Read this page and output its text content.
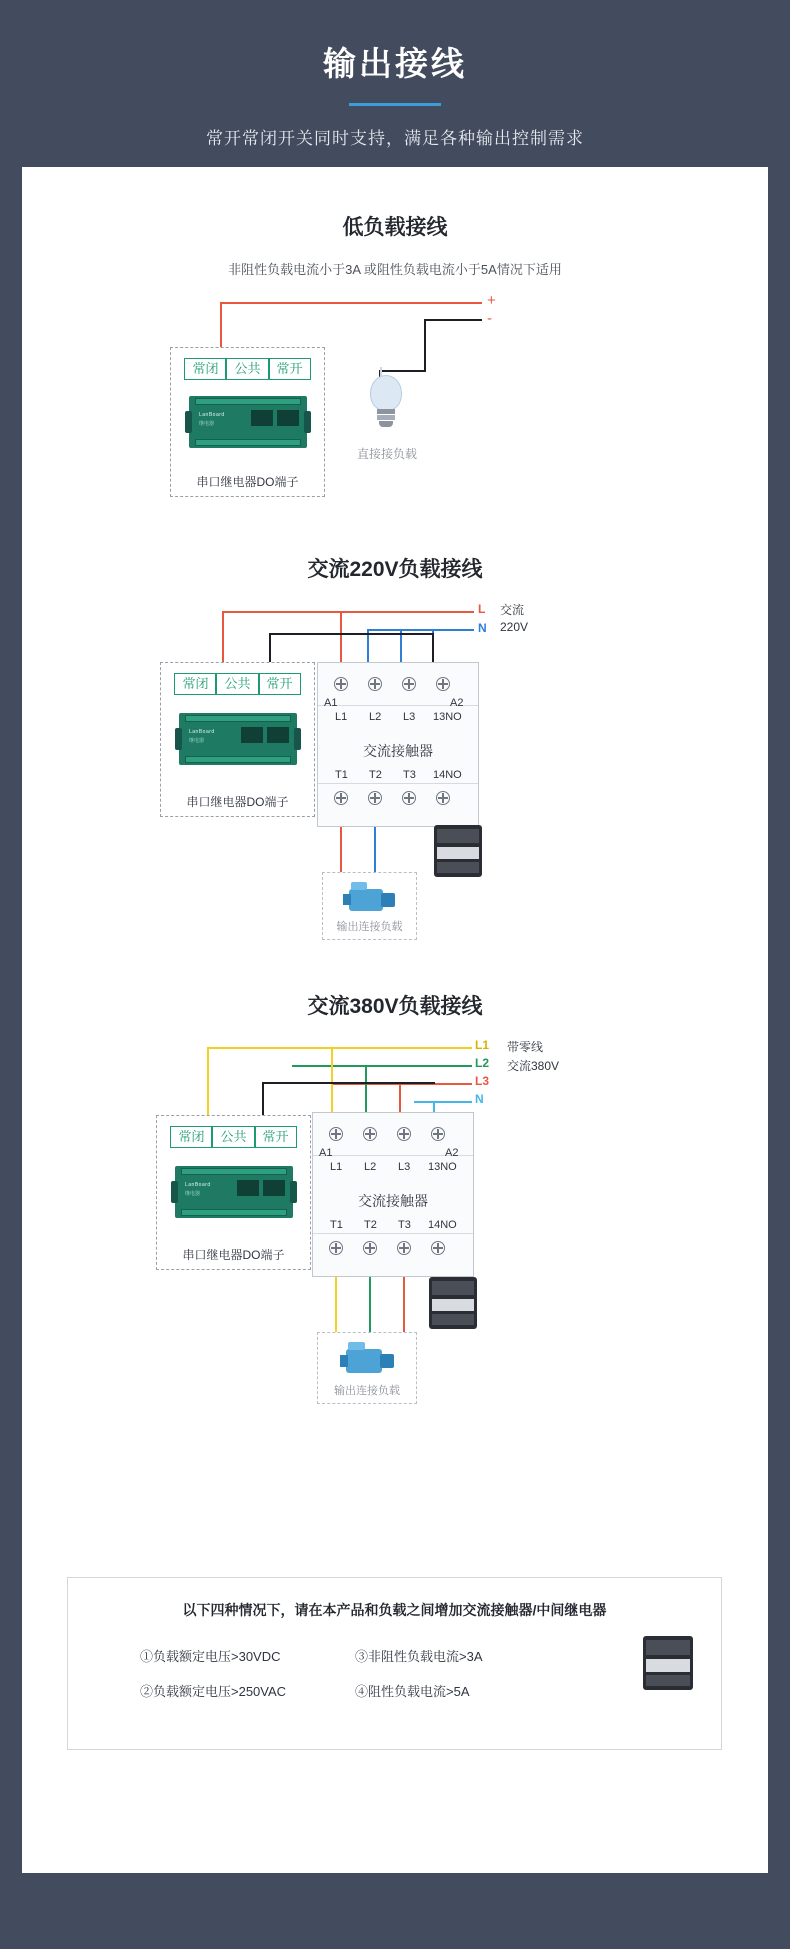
输出接线
常开常闭开关同时支持，满足各种输出控制需求
低负载接线
非阻性负载电流小于3A 或阻性负载电流小于5A情况下适用
+
-
直接接负载
常闭	公共	常开
LanBoard
继电器
串口继电器DO端子
交流220V负载接线
L
N
交流
220V
常闭	公共	常开
LanBoard
继电器
串口继电器DO端子
A1	A2
L1 L2 L3 13NO
交流接触器
T1 T2 T3 14NO
输出连接负载
交流380V负载接线
L1
L2
L3
N
带零线
交流380V
常闭	公共	常开
LanBoard
继电器
串口继电器DO端子
A1	A2
L1 L2 L3 13NO
交流接触器
T1 T2 T3 14NO
输出连接负载
以下四种情况下，请在本产品和负载之间增加交流接触器/中间继电器
①负载额定电压>30VDC	③非阻性负载电流>3A
②负载额定电压>250VAC	④阻性负载电流>5A
